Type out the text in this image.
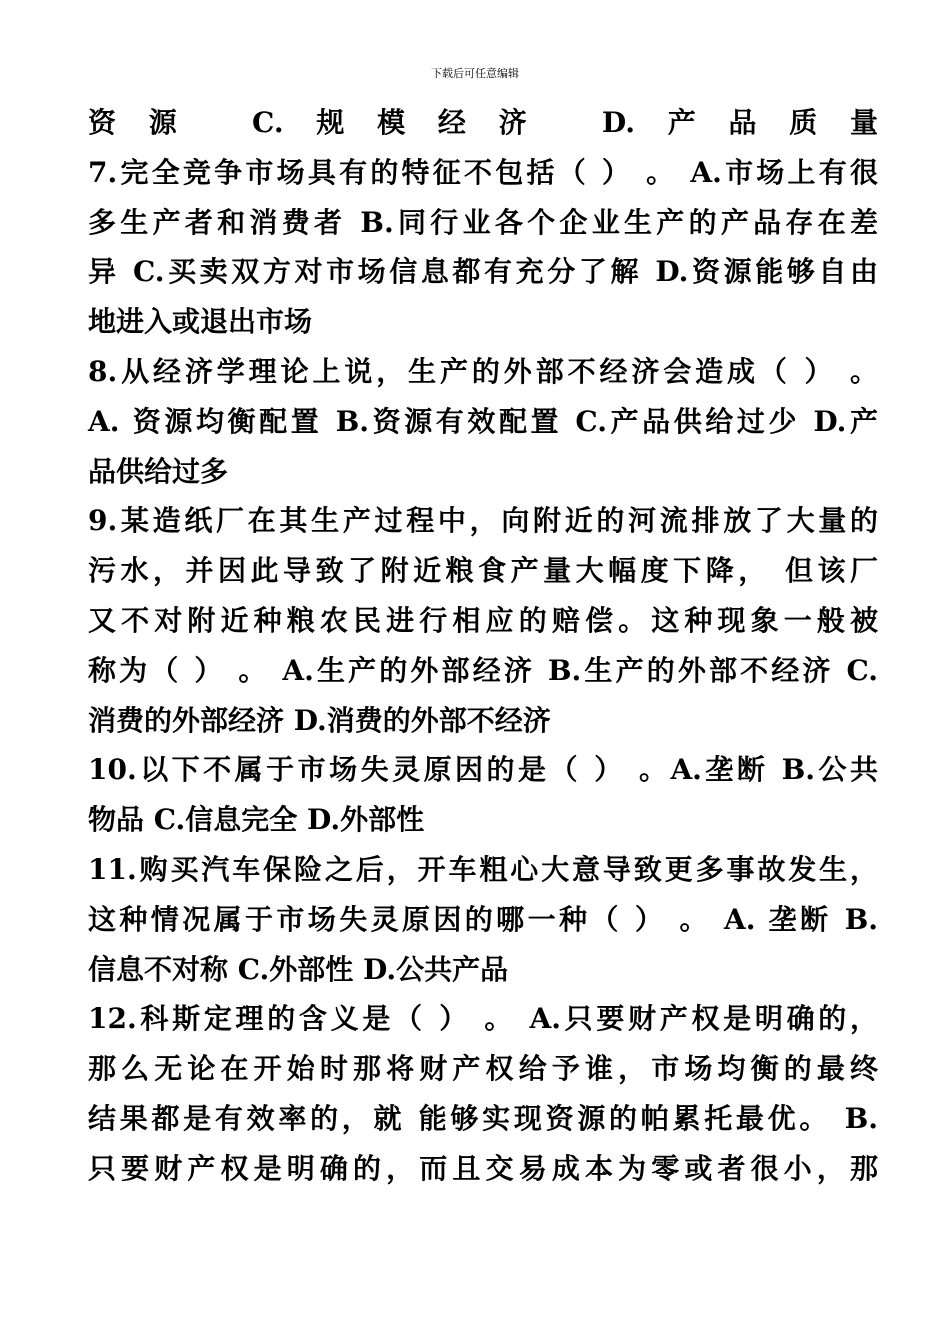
下载后可任意编辑
资源 C.规模经济 D.产品质量
7.完全竞争市场具有的特征不包括（ ） 。 A.市场上有很
多生产者和消费者 B.同行业各个企业生产的产品存在差
异 C.买卖双方对市场信息都有充分了解 D.资源能够自由
地进入或退出市场
8.从经济学理论上说，生产的外部不经济会造成（ ） 。
A. 资源均衡配置 B.资源有效配置 C.产品供给过少 D.产
品供给过多
9.某造纸厂在其生产过程中，向附近的河流排放了大量的
污水，并因此导致了附近粮食产量大幅度下降， 但该厂
又不对附近种粮农民进行相应的赔偿。这种现象一般被
称为（ ） 。 A.生产的外部经济 B.生产的外部不经济 C.
消费的外部经济 D.消费的外部不经济
10.以下不属于市场失灵原因的是（ ） 。A.垄断 B.公共
物品 C.信息完全 D.外部性
11.购买汽车保险之后，开车粗心大意导致更多事故发生，
这种情况属于市场失灵原因的哪一种（ ） 。 A. 垄断 B.
信息不对称 C.外部性 D.公共产品
12.科斯定理的含义是（ ） 。 A.只要财产权是明确的，
那么无论在开始时那将财产权给予谁，市场均衡的最终
结果都是有效率的，就 能够实现资源的帕累托最优。 B.
只要财产权是明确的，而且交易成本为零或者很小，那
